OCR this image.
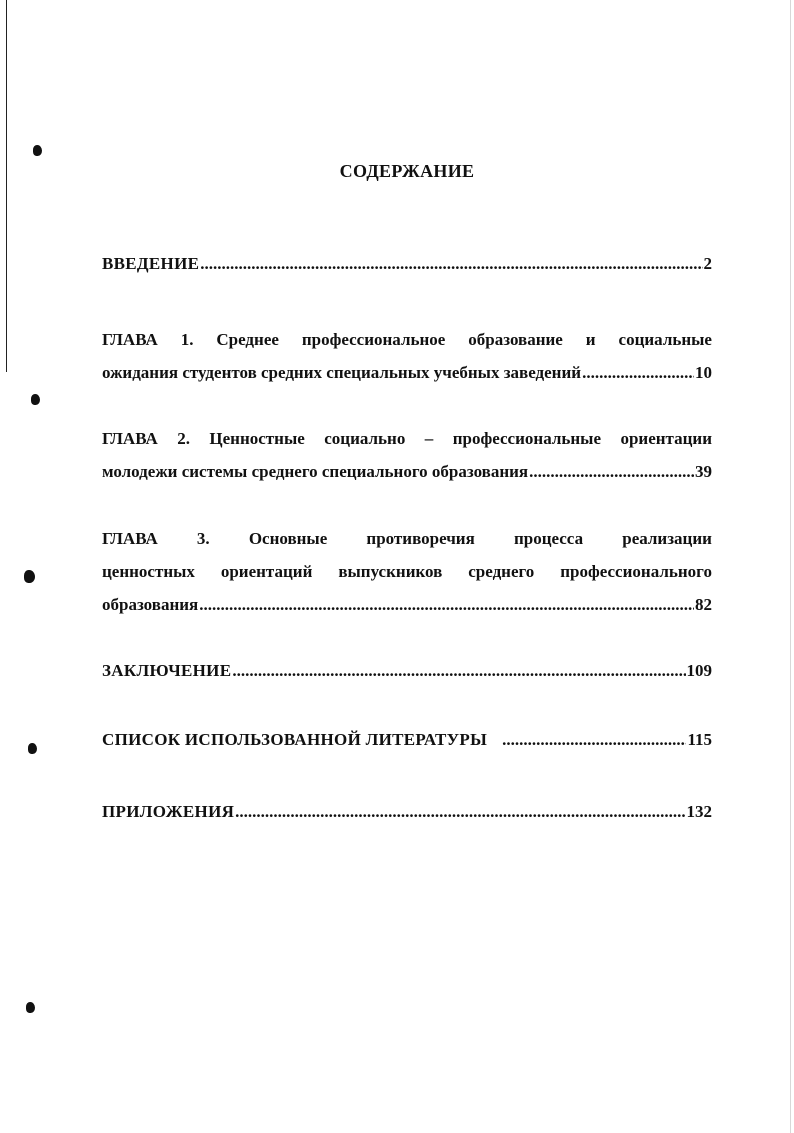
СОДЕРЖАНИЕ
ВВЕДЕНИЕ .....	2
ГЛАВА 1. Среднее профессиональное образование и социальные
ожидания студентов средних специальных учебных заведений .....	10
ГЛАВА 2. Ценностные социально – профессиональные ориентации
молодежи системы среднего специального образования .....	39
ГЛАВА 3. Основные противоречия процесса реализации
ценностных ориентаций выпускников среднего профессионального
образования .....	82
ЗАКЛЮЧЕНИЕ .....	109
СПИСОК ИСПОЛЬЗОВАННОЙ ЛИТЕРАТУРЫ .....	115
ПРИЛОЖЕНИЯ .....	132
